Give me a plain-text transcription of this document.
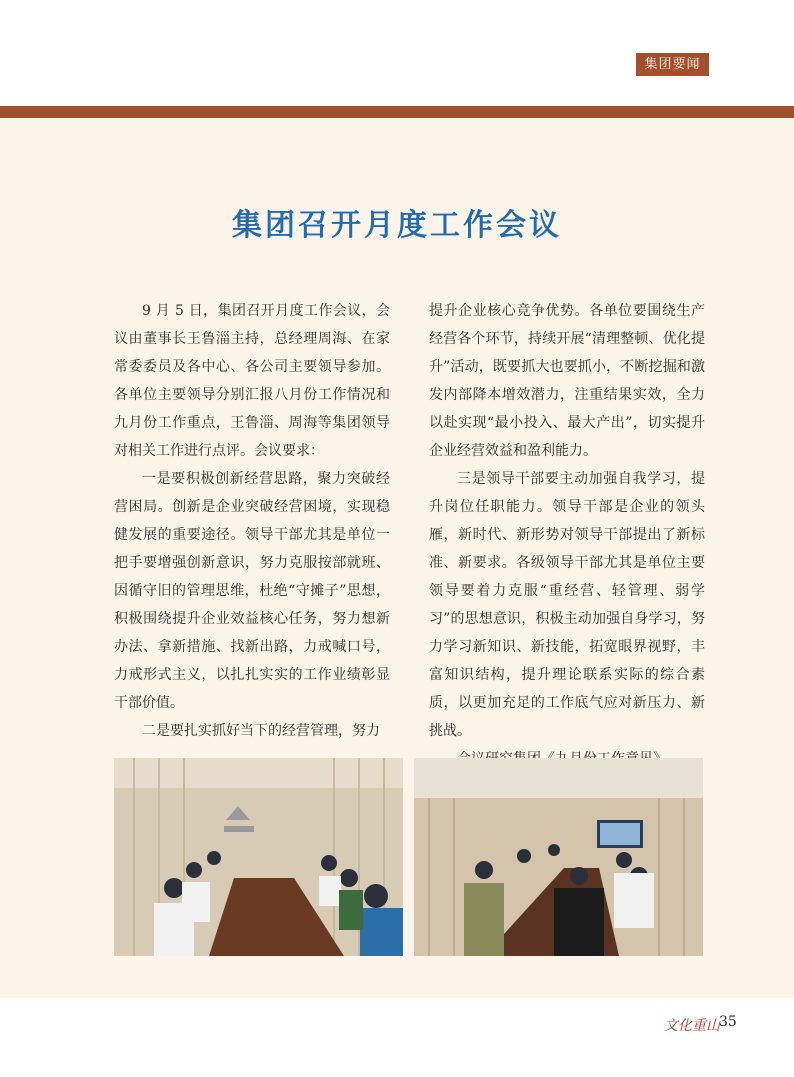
集团要闻
集团召开月度工作会议

9 月 5 日，集团召开月度工作会议，会议由董事长王鲁淄主持，总经理周海、在家常委委员及各中心、各公司主要领导参加。各单位主要领导分别汇报八月份工作情况和九月份工作重点，王鲁淄、周海等集团领导对相关工作进行点评。会议要求：

一是要积极创新经营思路，聚力突破经营困局。创新是企业突破经营困境，实现稳健发展的重要途径。领导干部尤其是单位一把手要增强创新意识，努力克服按部就班、因循守旧的管理思维，杜绝“守摊子”思想，积极围绕提升企业效益核心任务，努力想新办法、拿新措施、找新出路，力戒喊口号，力戒形式主义，以扎扎实实的工作业绩彰显干部价值。

二是要扎实抓好当下的经营管理，努力

提升企业核心竞争优势。各单位要围绕生产经营各个环节，持续开展“清理整顿、优化提升”活动，既要抓大也要抓小，不断挖掘和激发内部降本增效潜力，注重结果实效，全力以赴实现“最小投入、最大产出”，切实提升企业经营效益和盈利能力。

三是领导干部要主动加强自我学习，提升岗位任职能力。领导干部是企业的领头雁，新时代、新形势对领导干部提出了新标准、新要求。各级领导干部尤其是单位主要领导要着力克服“重经营、轻管理、弱学习”的思想意识，积极主动加强自身学习，努力学习新知识、新技能，拓宽眼界视野，丰富知识结构，提升理论联系实际的综合素质，以更加充足的工作底气应对新压力、新挑战。

文化重山 35
